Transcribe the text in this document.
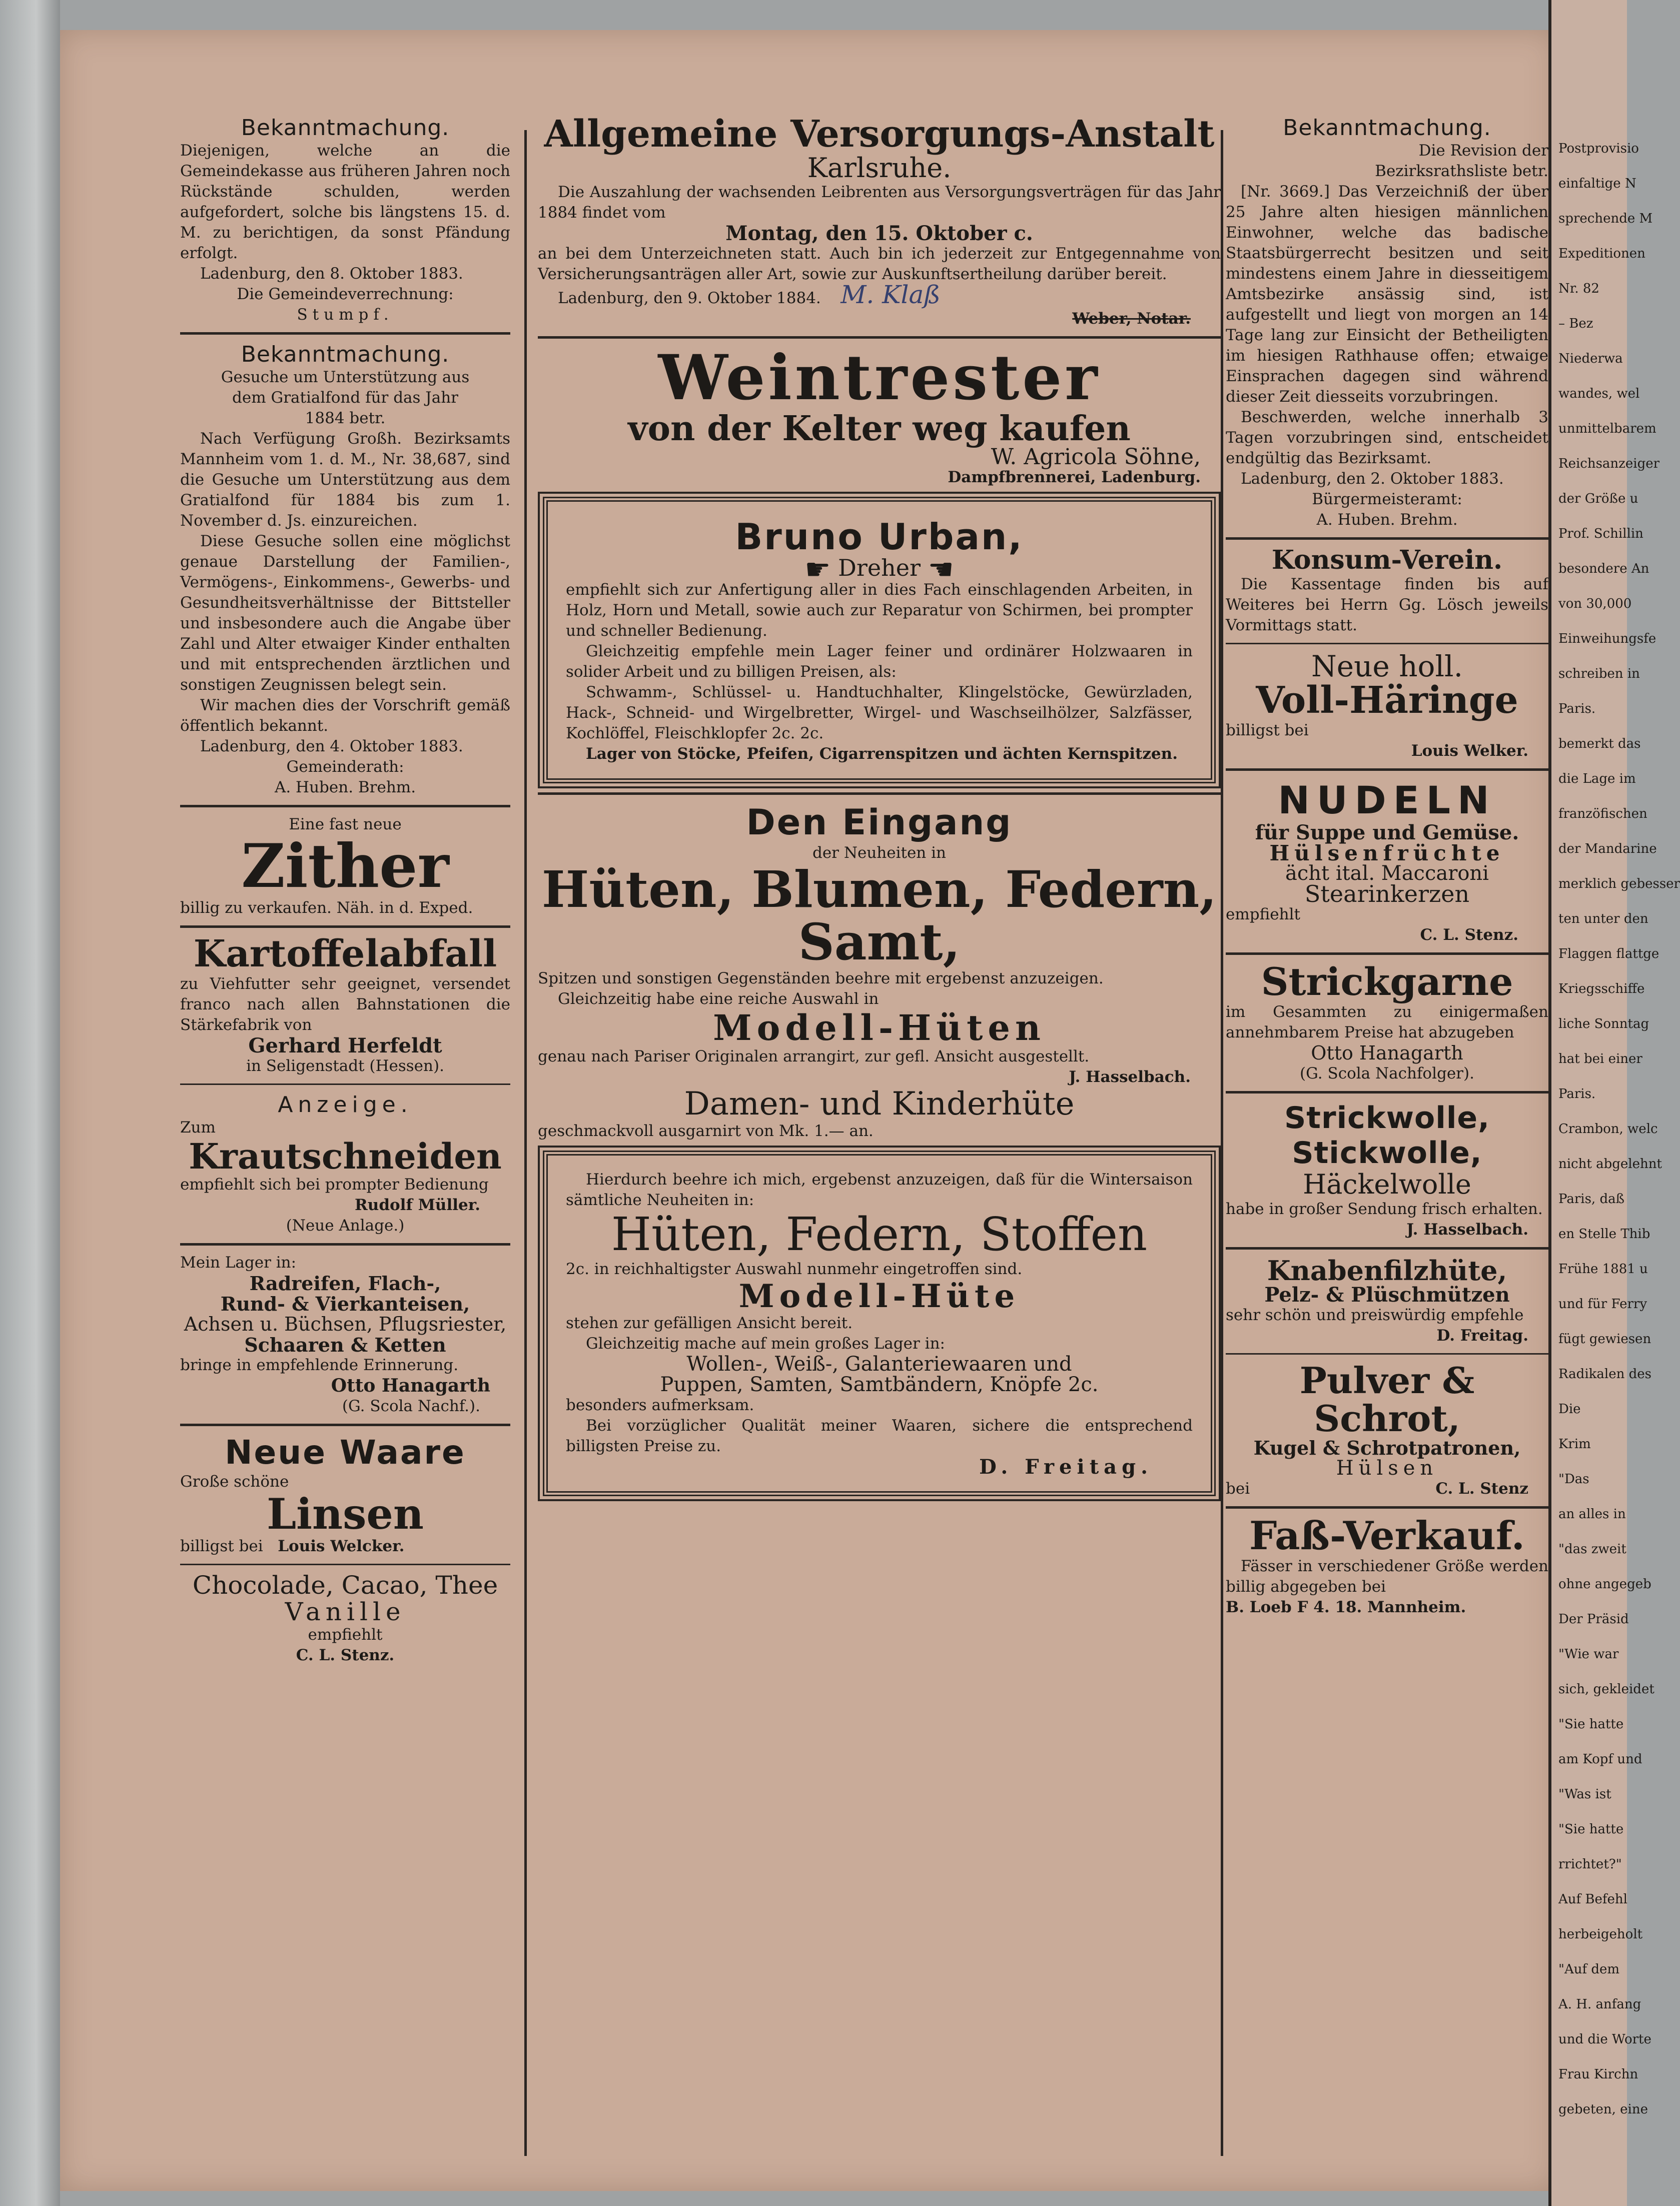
Bekanntmachung.

Diejenigen, welche an die Gemeindekasse aus früheren Jahren noch Rückstände schulden, werden aufgefordert, solche bis längstens 15. d. M. zu berichtigen, da sonst Pfändung erfolgt.

Ladenburg, den 8. Oktober 1883.

Die Gemeindeverrechnung:

Stumpf.

Bekanntmachung.

Gesuche um Unterstützung aus dem Gratialfond für das Jahr 1884 betr.

Nach Verfügung Großh. Bezirksamts Mannheim vom 1. d. M., Nr. 38,687, sind die Gesuche um Unterstützung aus dem Gratialfond für 1884 bis zum 1. November d. Js. einzureichen.

Diese Gesuche sollen eine möglichst genaue Darstellung der Familien-, Vermögens-, Einkommens-, Gewerbs- und Gesundheitsverhältnisse der Bittsteller und insbesondere auch die Angabe über Zahl und Alter etwaiger Kinder enthalten und mit entsprechenden ärztlichen und sonstigen Zeugnissen belegt sein.

Wir machen dies der Vorschrift gemäß öffentlich bekannt.

Ladenburg, den 4. Oktober 1883.

Gemeinderath:

A. Huben. Brehm.

Eine fast neue

Zither

billig zu verkaufen. Näh. in d. Exped.

Kartoffelabfall

zu Viehfutter sehr geeignet, versendet franco nach allen Bahnstationen die Stärkefabrik von

Gerhard Herfeldt

in Seligenstadt (Hessen).

Anzeige.

Zum

Krautschneiden

empfiehlt sich bei prompter Bedienung

Rudolf Müller.

(Neue Anlage.)

Mein Lager in:

Radreifen, Flach-,

Rund- & Vierkanteisen,

Achsen u. Büchsen, Pflugsriester,

Schaaren & Ketten

bringe in empfehlende Erinnerung.

Otto Hanagarth

(G. Scola Nachf.).

Neue Waare

Große schöne

Linsen

billigst bei Louis Welcker.

Chocolade, Cacao, Thee

Vanille

empfiehlt

C. L. Stenz.

Allgemeine Versorgungs-Anstalt

Karlsruhe.

Die Auszahlung der wachsenden Leibrenten aus Versorgungsverträgen für das Jahr 1884 findet vom

Montag, den 15. Oktober c.

an bei dem Unterzeichneten statt. Auch bin ich jederzeit zur Entgegennahme von Versicherungsanträgen aller Art, sowie zur Auskunftsertheilung darüber bereit.

Ladenburg, den 9. Oktober 1884. M. Klaß

Weber, Notar.

Weintrester

von der Kelter weg kaufen

W. Agricola Söhne,

Dampfbrennerei, Ladenburg.

Bruno Urban,

☛ Dreher ☚

empfiehlt sich zur Anfertigung aller in dies Fach einschlagenden Arbeiten, in Holz, Horn und Metall, sowie auch zur Reparatur von Schirmen, bei prompter und schneller Bedienung.

Gleichzeitig empfehle mein Lager feiner und ordinärer Holzwaaren in solider Arbeit und zu billigen Preisen, als:

Schwamm-, Schlüssel- u. Handtuchhalter, Klingelstöcke, Gewürzladen, Hack-, Schneid- und Wirgelbretter, Wirgel- und Waschseilhölzer, Salzfässer, Kochlöffel, Fleischklopfer 2c. 2c.

Lager von Stöcke, Pfeifen, Cigarrenspitzen und ächten Kernspitzen.

Den Eingang

der Neuheiten in

Hüten, Blumen, Federn, Samt,

Spitzen und sonstigen Gegenständen beehre mit ergebenst anzuzeigen.

Gleichzeitig habe eine reiche Auswahl in

Modell-Hüten

genau nach Pariser Originalen arrangirt, zur gefl. Ansicht ausgestellt.

J. Hasselbach.

Damen- und Kinderhüte

geschmackvoll ausgarnirt von Mk. 1.— an.

Hierdurch beehre ich mich, ergebenst anzuzeigen, daß für die Wintersaison sämtliche Neuheiten in:

Hüten, Federn, Stoffen

2c. in reichhaltigster Auswahl nunmehr eingetroffen sind.

Modell-Hüte

stehen zur gefälligen Ansicht bereit.

Gleichzeitig mache auf mein großes Lager in:

Wollen-, Weiß-, Galanteriewaaren und

Puppen, Samten, Samtbändern, Knöpfe 2c.

besonders aufmerksam.

Bei vorzüglicher Qualität meiner Waaren, sichere die entsprechend billigsten Preise zu.

D. Freitag.

Bekanntmachung.

Die Revision der Bezirksrathsliste betr.

[Nr. 3669.] Das Verzeichniß der über 25 Jahre alten hiesigen männlichen Einwohner, welche das badische Staatsbürgerrecht besitzen und seit mindestens einem Jahre in diesseitigem Amtsbezirke ansässig sind, ist aufgestellt und liegt von morgen an 14 Tage lang zur Einsicht der Betheiligten im hiesigen Rathhause offen; etwaige Einsprachen dagegen sind während dieser Zeit diesseits vorzubringen.

Beschwerden, welche innerhalb 3 Tagen vorzubringen sind, entscheidet endgültig das Bezirksamt.

Ladenburg, den 2. Oktober 1883.

Bürgermeisteramt:

A. Huben. Brehm.

Konsum-Verein.

Die Kassentage finden bis auf Weiteres bei Herrn Gg. Lösch jeweils Vormittags statt.

Neue holl.

Voll-Häringe

billigst bei

Louis Welker.

NUDELN

für Suppe und Gemüse.

Hülsenfrüchte

ächt ital. Maccaroni

Stearinkerzen

empfiehlt

C. L. Stenz.

Strickgarne

im Gesammten zu einigermaßen annehmbarem Preise hat abzugeben

Otto Hanagarth

(G. Scola Nachfolger).

Strickwolle,

Stickwolle,

Häckelwolle

habe in großer Sendung frisch erhalten.

J. Hasselbach.

Knabenfilzhüte,

Pelz- & Plüschmützen

sehr schön und preiswürdig empfehle

D. Freitag.

Pulver & Schrot,

Kugel & Schrotpatronen,

Hülsen

bei	C. L. Stenz

Faß-Verkauf.

Fässer in verschiedener Größe werden billig abgegeben bei

B. Loeb F 4. 18. Mannheim.

Postprovisio
einfaltige N
sprechende M
Expeditionen
Nr. 82
– Bez
Niederwa
wandes, wel
unmittelbarem
Reichsanzeiger
der Größe u
Prof. Schillin
besondere An
von 30,000
Einweihungsfe
schreiben in
Paris.
bemerkt das
die Lage im
franzöfischen
der Mandarine
merklich gebesser
ten unter den
Flaggen flattge
Kriegsschiffe
liche Sonntag
hat bei einer
Paris.
Crambon, welc
nicht abgelehnt
Paris, daß
en Stelle Thib
Frühe 1881 u
und für Ferry
fügt gewiesen
Radikalen des
Die
Krim
"Das
an alles in
"das zweit
ohne angegeb
Der Präsid
"Wie war
sich, gekleidet
"Sie hatte
am Kopf und
"Was ist
"Sie hatte
rrichtet?"
Auf Befehl
herbeigeholt
"Auf dem
A. H. anfang
und die Worte
Frau Kirchn
gebeten, eine
